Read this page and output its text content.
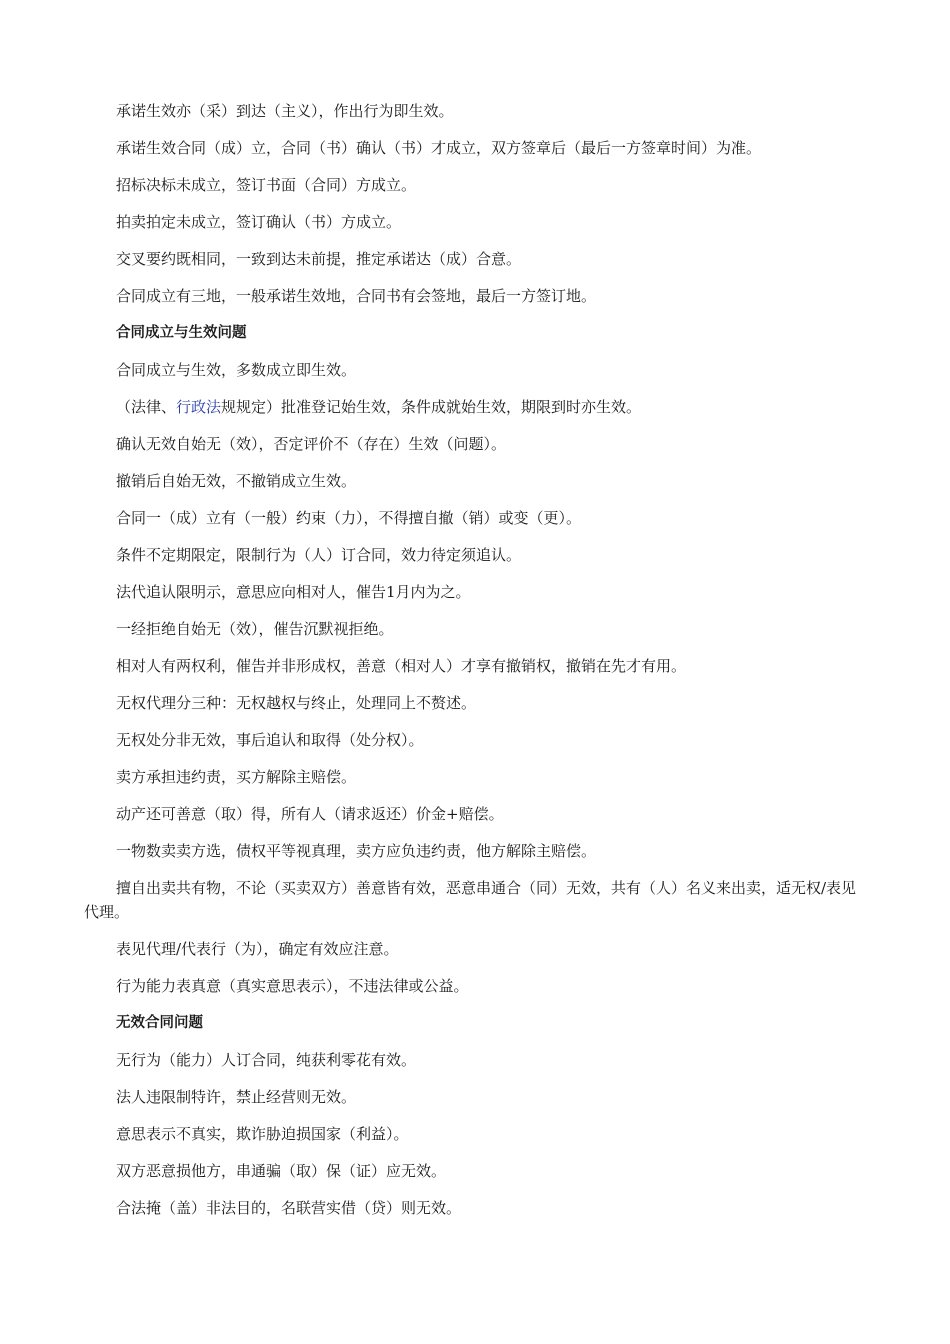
承诺生效亦（采）到达（主义），作出行为即生效。
承诺生效合同（成）立，合同（书）确认（书）才成立，双方签章后（最后一方签章时间）为准。
招标决标未成立，签订书面（合同）方成立。
拍卖拍定未成立，签订确认（书）方成立。
交叉要约既相同，一致到达未前提，推定承诺达（成）合意。
合同成立有三地，一般承诺生效地，合同书有会签地，最后一方签订地。
合同成立与生效问题
合同成立与生效，多数成立即生效。
（法律、行政法规规定）批准登记始生效，条件成就始生效，期限到时亦生效。
确认无效自始无（效），否定评价不（存在）生效（问题）。
撤销后自始无效，不撤销成立生效。
合同一（成）立有（一般）约束（力），不得擅自撤（销）或变（更）。
条件不定期限定，限制行为（人）订合同，效力待定须追认。
法代追认限明示，意思应向相对人，催告1月内为之。
一经拒绝自始无（效），催告沉默视拒绝。
相对人有两权利，催告并非形成权，善意（相对人）才享有撤销权，撤销在先才有用。
无权代理分三种：无权越权与终止，处理同上不赘述。
无权处分非无效，事后追认和取得（处分权）。
卖方承担违约责，买方解除主赔偿。
动产还可善意（取）得，所有人（请求返还）价金+赔偿。
一物数卖卖方选，债权平等视真理，卖方应负违约责，他方解除主赔偿。
擅自出卖共有物，不论（买卖双方）善意皆有效，恶意串通合（同）无效，共有（人）名义来出卖，适无权/表见代理。
表见代理/代表行（为），确定有效应注意。
行为能力表真意（真实意思表示），不违法律或公益。
无效合同问题
无行为（能力）人订合同，纯获利零花有效。
法人违限制特许，禁止经营则无效。
意思表示不真实，欺诈胁迫损国家（利益）。
双方恶意损他方，串通骗（取）保（证）应无效。
合法掩（盖）非法目的，名联营实借（贷）则无效。
